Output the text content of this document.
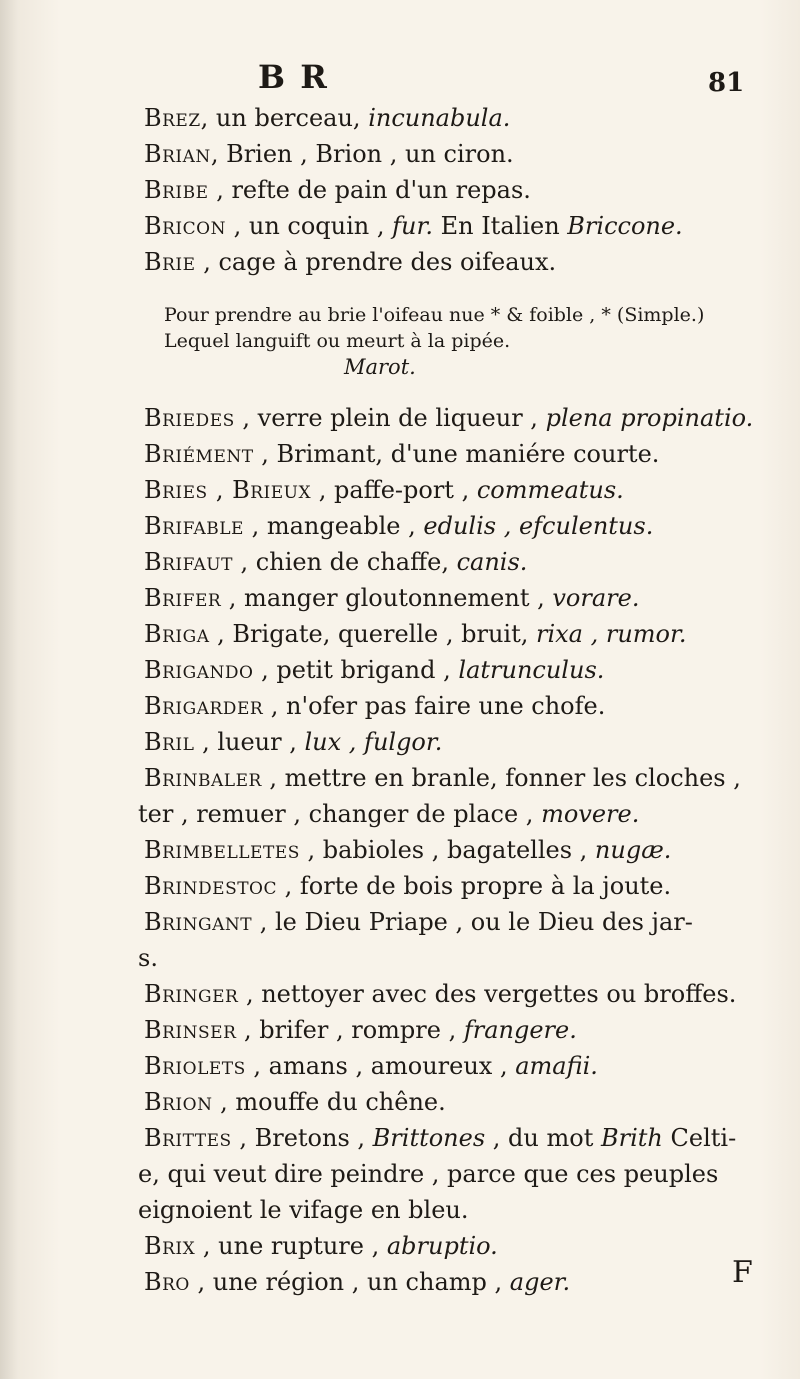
B R	81
Brez, un berceau, incunabula.
Brian, Brien , Brion , un ciron.
Bribe , refte de pain d'un repas.
Bricon , un coquin , fur. En Italien Briccone.
Brie , cage à prendre des oifeaux.
Pour prendre au brie l'oifeau nue * & foible , * (Simple.)
Lequel languift ou meurt à la pipée.
Marot.
Briedes , verre plein de liqueur , plena propinatio.
Briément , Brimant, d'une maniére courte.
Bries , Brieux , paffe-port , commeatus.
Brifable , mangeable , edulis , efculentus.
Brifaut , chien de chaffe, canis.
Brifer , manger gloutonnement , vorare.
Briga , Brigate, querelle , bruit, rixa , rumor.
Brigando , petit brigand , latrunculus.
Brigarder , n'ofer pas faire une chofe.
Bril , lueur , lux , fulgor.
Brinbaler , mettre en branle, fonner les cloches ,
ter , remuer , changer de place , movere.
Brimbelletes , babioles , bagatelles , nugæ.
Brindestoc , forte de bois propre à la joute.
Bringant , le Dieu Priape , ou le Dieu des jar-
s.
Bringer , nettoyer avec des vergettes ou broffes.
Brinser , brifer , rompre , frangere.
Briolets , amans , amoureux , amafii.
Brion , mouffe du chêne.
Brittes , Bretons , Brittones , du mot Brith Celti-
e, qui veut dire peindre , parce que ces peuples
eignoient le vifage en bleu.
Brix , une rupture , abruptio.
Bro , une région , un champ , ager.	F
